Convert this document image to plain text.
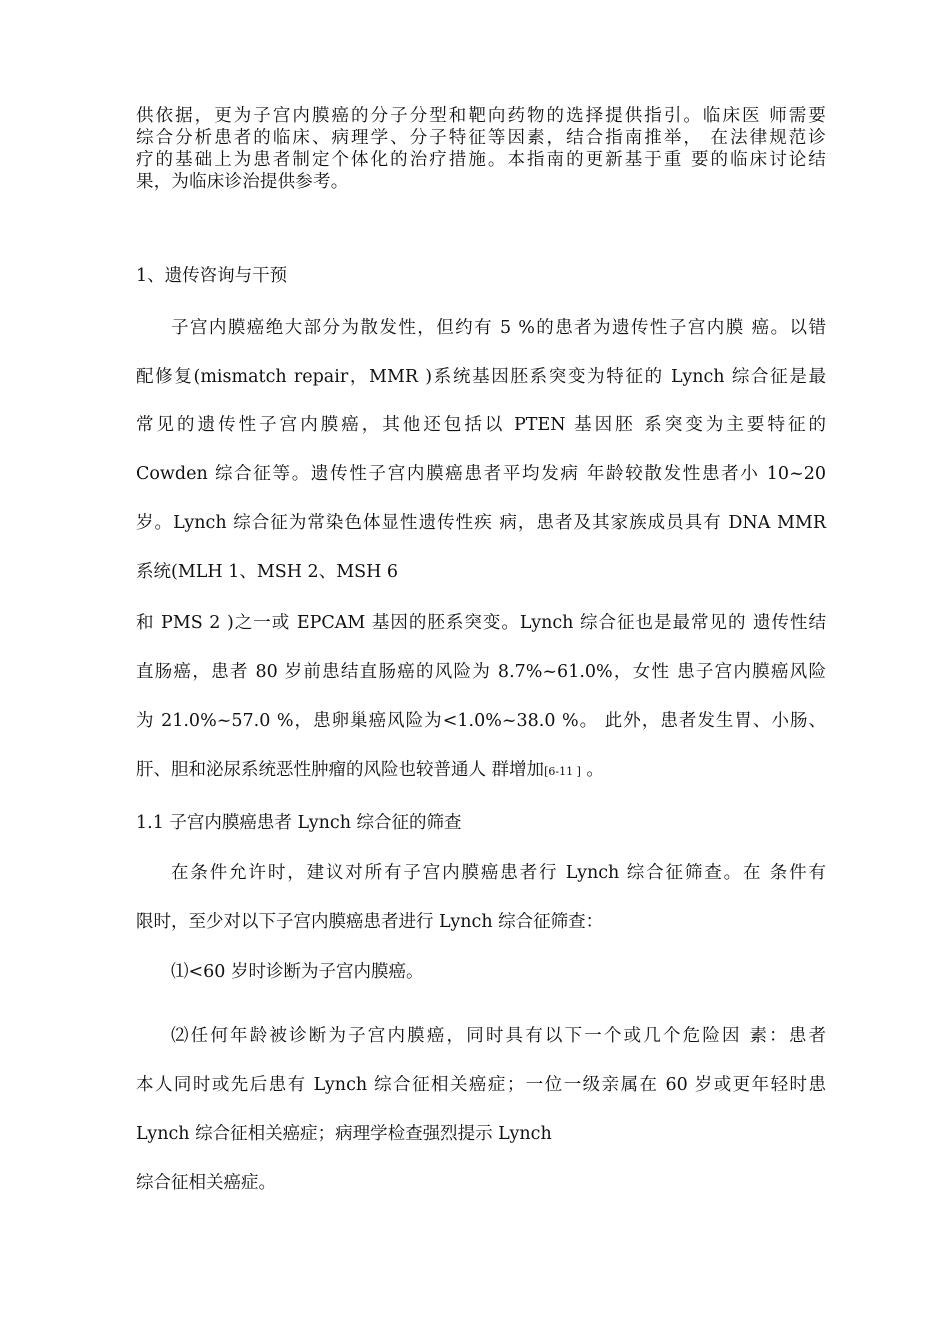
供依据，更为子宫内膜癌的分子分型和靶向药物的选择提供指引。临床医 师需要
综合分析患者的临床、病理学、分子特征等因素，结合指南推举， 在法律规范诊
疗的基础上为患者制定个体化的治疗措施。本指南的更新基于重 要的临床讨论结
果，为临床诊治提供参考。
1、遗传咨询与干预
子宫内膜癌绝大部分为散发性，但约有 5 %的患者为遗传性子宫内膜 癌。以错
配修复(mismatch repair，MMR )系统基因胚系突变为特征的 Lynch 综合征是最
常见的遗传性子宫内膜癌，其他还包括以 PTEN 基因胚 系突变为主要特征的
Cowden 综合征等。遗传性子宫内膜癌患者平均发病 年龄较散发性患者小 10~20
岁。Lynch 综合征为常染色体显性遗传性疾 病，患者及其家族成员具有 DNA MMR
系统(MLH 1、MSH 2、MSH 6
和 PMS 2 )之一或 EPCAM 基因的胚系突变。Lynch 综合征也是最常见的 遗传性结
直肠癌，患者 80 岁前患结直肠癌的风险为 8.7%~61.0%，女性 患子宫内膜癌风险
为 21.0%~57.0 %，患卵巢癌风险为<1.0%~38.0 %。 此外，患者发生胃、小肠、
肝、胆和泌尿系统恶性肿瘤的风险也较普通人 群增加[6-11 ] 。
1.1 子宫内膜癌患者 Lynch 综合征的筛查
在条件允许时，建议对所有子宫内膜癌患者行 Lynch 综合征筛查。在 条件有
限时，至少对以下子宫内膜癌患者进行 Lynch 综合征筛查：
⑴<60 岁时诊断为子宫内膜癌。
⑵任何年龄被诊断为子宫内膜癌，同时具有以下一个或几个危险因 素：患者
本人同时或先后患有 Lynch 综合征相关癌症；一位一级亲属在 60 岁或更年轻时患
Lynch 综合征相关癌症；病理学检查强烈提示 Lynch
综合征相关癌症。
